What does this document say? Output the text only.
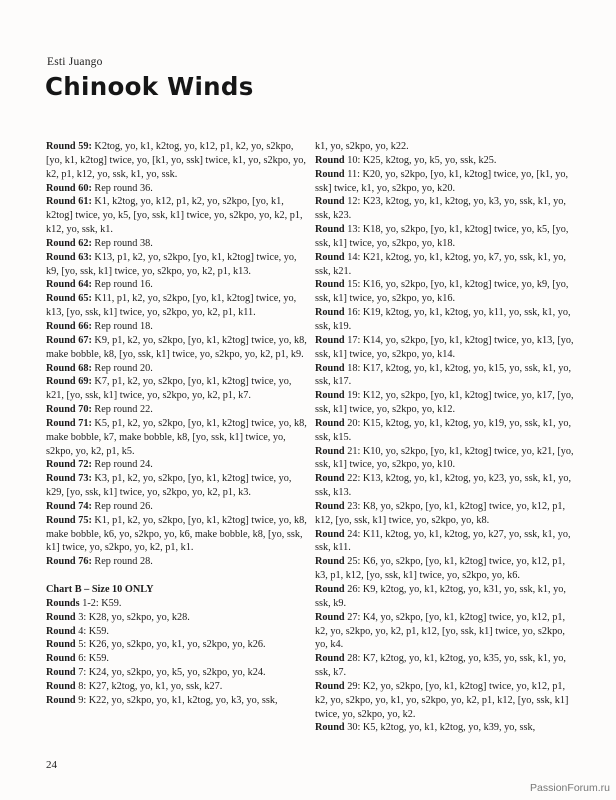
Esti Juango
Chinook Winds

Round 59: K2tog, yo, k1, k2tog, yo, k12, p1, k2, yo, s2kpo, [yo, k1, k2tog] twice, yo, [k1, yo, ssk] twice, k1, yo, s2kpo, yo, k2, p1, k12, yo, ssk, k1, yo, ssk.

Round 60: Rep round 36.

Round 61: K1, k2tog, yo, k12, p1, k2, yo, s2kpo, [yo, k1, k2tog] twice, yo, k5, [yo, ssk, k1] twice, yo, s2kpo, yo, k2, p1, k12, yo, ssk, k1.

Round 62: Rep round 38.

Round 63: K13, p1, k2, yo, s2kpo, [yo, k1, k2tog] twice, yo, k9, [yo, ssk, k1] twice, yo, s2kpo, yo, k2, p1, k13.

Round 64: Rep round 16.

Round 65: K11, p1, k2, yo, s2kpo, [yo, k1, k2tog] twice, yo, k13, [yo, ssk, k1] twice, yo, s2kpo, yo, k2, p1, k11.

Round 66: Rep round 18.

Round 67: K9, p1, k2, yo, s2kpo, [yo, k1, k2tog] twice, yo, k8, make bobble, k8, [yo, ssk, k1] twice, yo, s2kpo, yo, k2, p1, k9.

Round 68: Rep round 20.

Round 69: K7, p1, k2, yo, s2kpo, [yo, k1, k2tog] twice, yo, k21, [yo, ssk, k1] twice, yo, s2kpo, yo, k2, p1, k7.

Round 70: Rep round 22.

Round 71: K5, p1, k2, yo, s2kpo, [yo, k1, k2tog] twice, yo, k8, make bobble, k7, make bobble, k8, [yo, ssk, k1] twice, yo, s2kpo, yo, k2, p1, k5.

Round 72: Rep round 24.

Round 73: K3, p1, k2, yo, s2kpo, [yo, k1, k2tog] twice, yo, k29, [yo, ssk, k1] twice, yo, s2kpo, yo, k2, p1, k3.

Round 74: Rep round 26.

Round 75: K1, p1, k2, yo, s2kpo, [yo, k1, k2tog] twice, yo, k8, make bobble, k6, yo, s2kpo, yo, k6, make bobble, k8, [yo, ssk, k1] twice, yo, s2kpo, yo, k2, p1, k1.

Round 76: Rep round 28.

Chart B – Size 10 ONLY

Rounds 1-2: K59.

Round 3: K28, yo, s2kpo, yo, k28.

Round 4: K59.

Round 5: K26, yo, s2kpo, yo, k1, yo, s2kpo, yo, k26.

Round 6: K59.

Round 7: K24, yo, s2kpo, yo, k5, yo, s2kpo, yo, k24.

Round 8: K27, k2tog, yo, k1, yo, ssk, k27.

Round 9: K22, yo, s2kpo, yo, k1, k2tog, yo, k3, yo, ssk,

k1, yo, s2kpo, yo, k22.

Round 10: K25, k2tog, yo, k5, yo, ssk, k25.

Round 11: K20, yo, s2kpo, [yo, k1, k2tog] twice, yo, [k1, yo, ssk] twice, k1, yo, s2kpo, yo, k20.

Round 12: K23, k2tog, yo, k1, k2tog, yo, k3, yo, ssk, k1, yo, ssk, k23.

Round 13: K18, yo, s2kpo, [yo, k1, k2tog] twice, yo, k5, [yo, ssk, k1] twice, yo, s2kpo, yo, k18.

Round 14: K21, k2tog, yo, k1, k2tog, yo, k7, yo, ssk, k1, yo, ssk, k21.

Round 15: K16, yo, s2kpo, [yo, k1, k2tog] twice, yo, k9, [yo, ssk, k1] twice, yo, s2kpo, yo, k16.

Round 16: K19, k2tog, yo, k1, k2tog, yo, k11, yo, ssk, k1, yo, ssk, k19.

Round 17: K14, yo, s2kpo, [yo, k1, k2tog] twice, yo, k13, [yo, ssk, k1] twice, yo, s2kpo, yo, k14.

Round 18: K17, k2tog, yo, k1, k2tog, yo, k15, yo, ssk, k1, yo, ssk, k17.

Round 19: K12, yo, s2kpo, [yo, k1, k2tog] twice, yo, k17, [yo, ssk, k1] twice, yo, s2kpo, yo, k12.

Round 20: K15, k2tog, yo, k1, k2tog, yo, k19, yo, ssk, k1, yo, ssk, k15.

Round 21: K10, yo, s2kpo, [yo, k1, k2tog] twice, yo, k21, [yo, ssk, k1] twice, yo, s2kpo, yo, k10.

Round 22: K13, k2tog, yo, k1, k2tog, yo, k23, yo, ssk, k1, yo, ssk, k13.

Round 23: K8, yo, s2kpo, [yo, k1, k2tog] twice, yo, k12, p1, k12, [yo, ssk, k1] twice, yo, s2kpo, yo, k8.

Round 24: K11, k2tog, yo, k1, k2tog, yo, k27, yo, ssk, k1, yo, ssk, k11.

Round 25: K6, yo, s2kpo, [yo, k1, k2tog] twice, yo, k12, p1, k3, p1, k12, [yo, ssk, k1] twice, yo, s2kpo, yo, k6.

Round 26: K9, k2tog, yo, k1, k2tog, yo, k31, yo, ssk, k1, yo, ssk, k9.

Round 27: K4, yo, s2kpo, [yo, k1, k2tog] twice, yo, k12, p1, k2, yo, s2kpo, yo, k2, p1, k12, [yo, ssk, k1] twice, yo, s2kpo, yo, k4.

Round 28: K7, k2tog, yo, k1, k2tog, yo, k35, yo, ssk, k1, yo, ssk, k7.

Round 29: K2, yo, s2kpo, [yo, k1, k2tog] twice, yo, k12, p1, k2, yo, s2kpo, yo, k1, yo, s2kpo, yo, k2, p1, k12, [yo, ssk, k1] twice, yo, s2kpo, yo, k2.

Round 30: K5, k2tog, yo, k1, k2tog, yo, k39, yo, ssk,

24
PassionForum.ru
